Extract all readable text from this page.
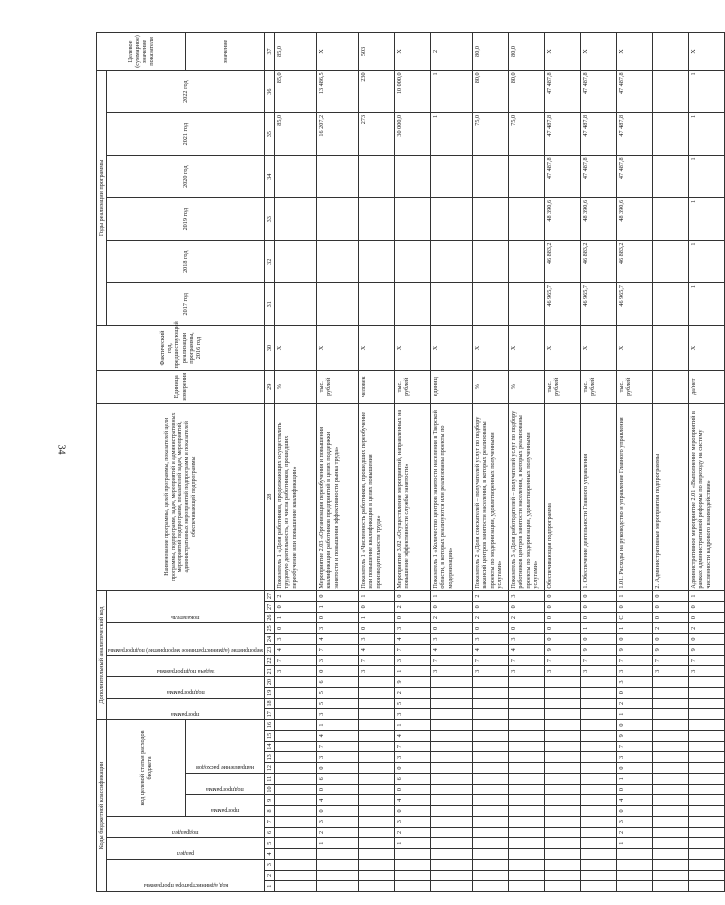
34
Коды бюджетной классификации																Дополнительный аналитический код												Наименование программы, целей программы, показателей цели программы, подпрограмм, задач, мероприятий и административных мероприятий подпрограмм, показателей задач, мероприятий, административных мероприятий подпрограмм и показателей обеспечивающей подпрограммы	Единица измерения	Фактический год, предшествующий реализации программы, 2016 год	Годы реализации программы						Целевое (суммарное) значение показателя

код администратора программы			раздел		подраздел		код целевой статьи расходов бюджета									программа		подпрограмма		задача подпрограммы		мероприятие (административное мероприятие) подпрограммы			показатель						2017 год	2018 год	2019 год	2020 год	2021 год	2022 год	

							программа		подпрограмма		направление расходов																										значение
1	2	3	4	5	6	7	8	9	10	11	12	13	14	15	16	17	18	19	20	21	22	23	24	25	26	27	27	28	29	30	31	32	33	34	35	36	37
																				3	7	4	3	0	1	0	2	Показатель 1 «Доля работников, продолжающих осуществлять трудовую деятельность, из числа работников, прошедших переобучение или повышение квалификации»	%	Х					85,0	85,0	85,0
				1	2	3	0	4	0	6	0	3	7	4	1	3	5	5	6	0	3	7	4	3	0	1	0	Мероприятие 2.03 «Организация переобучения и повышения квалификации работников предприятий в целях поддержки занятости и повышения эффективности рынка труда»	тыс. рублей	Х					16 207,2	13 486,5	Х
																				3	7	4	3	0	1	0	1	Показатель 1 «Численность работников, прошедших переобучение или повышение квалификации в целях повышения производительности труда»	человек	Х					273	230	503
				1	2	3	0	4	0	6	0	3	7	4	1	3	5	2	9	1	3	7	4	3	0	2	0	Мероприятие 3.02 «Осуществление мероприятий, направленных на повышение эффективности службы занятости»	тыс. рублей	Х					30 000,0	10 000,0	Х
																				3	7	4	3	0	2	0	1	Показатель 1 «Количество центров занятости населения в Тверской области, в которых реализуются или реализованы проекты по модернизации»	единиц	Х					1	1	2
																				3	7	4	3	0	2	0	2	Показатель 2 «Доля соискателей – получателей услуг по подбору вакансий центров занятости населения, в которых реализованы проекты по модернизации, удовлетворенных полученными услугами»	%	Х					75,0	80,0	80,0
																				3	7	4	3	0	2	0	3	Показатель 3 «Доля работодателей – получателей услуг по подбору работников центров занятости населения, в которых реализованы проекты по модернизации, удовлетворенных полученными услугами»	%	Х					75,0	80,0	80,0
																				3	7	9	0	0	0	0	0	Обеспечивающая подпрограмма	тыс. рублей	Х	46 965,7	46 883,2	48 390,6	47 487,8	47 487,8	47 487,8	Х
																				3	7	9	0	1	0	0	0	1. Обеспечение деятельности Главного управления	тыс. рублей	Х	46 965,7	46 883,2	48 390,6	47 487,8	47 487,8	47 487,8	Х
				1	2	3	0	4	0	1	0	3	7	9	0	1	2	0	3	3	7	9	0	1	С	0	1	1.01. Расходы на руководство и управление Главного управления	тыс. рублей	Х	46 965,7	46 883,2	48 390,6	47 487,8	47 487,8	47 487,8	Х
																				3	7	9	0	2	0	0	0	2. Административные мероприятия подпрограммы									
																				3	7	9	0	2	0	0	1	Административное мероприятие 2.01 «Выполнение мероприятий в рамках административной реформы по переходу на систему численности кадрового взаимодействия»	да/нет	Х	1	1	1	1	1	1	Х
